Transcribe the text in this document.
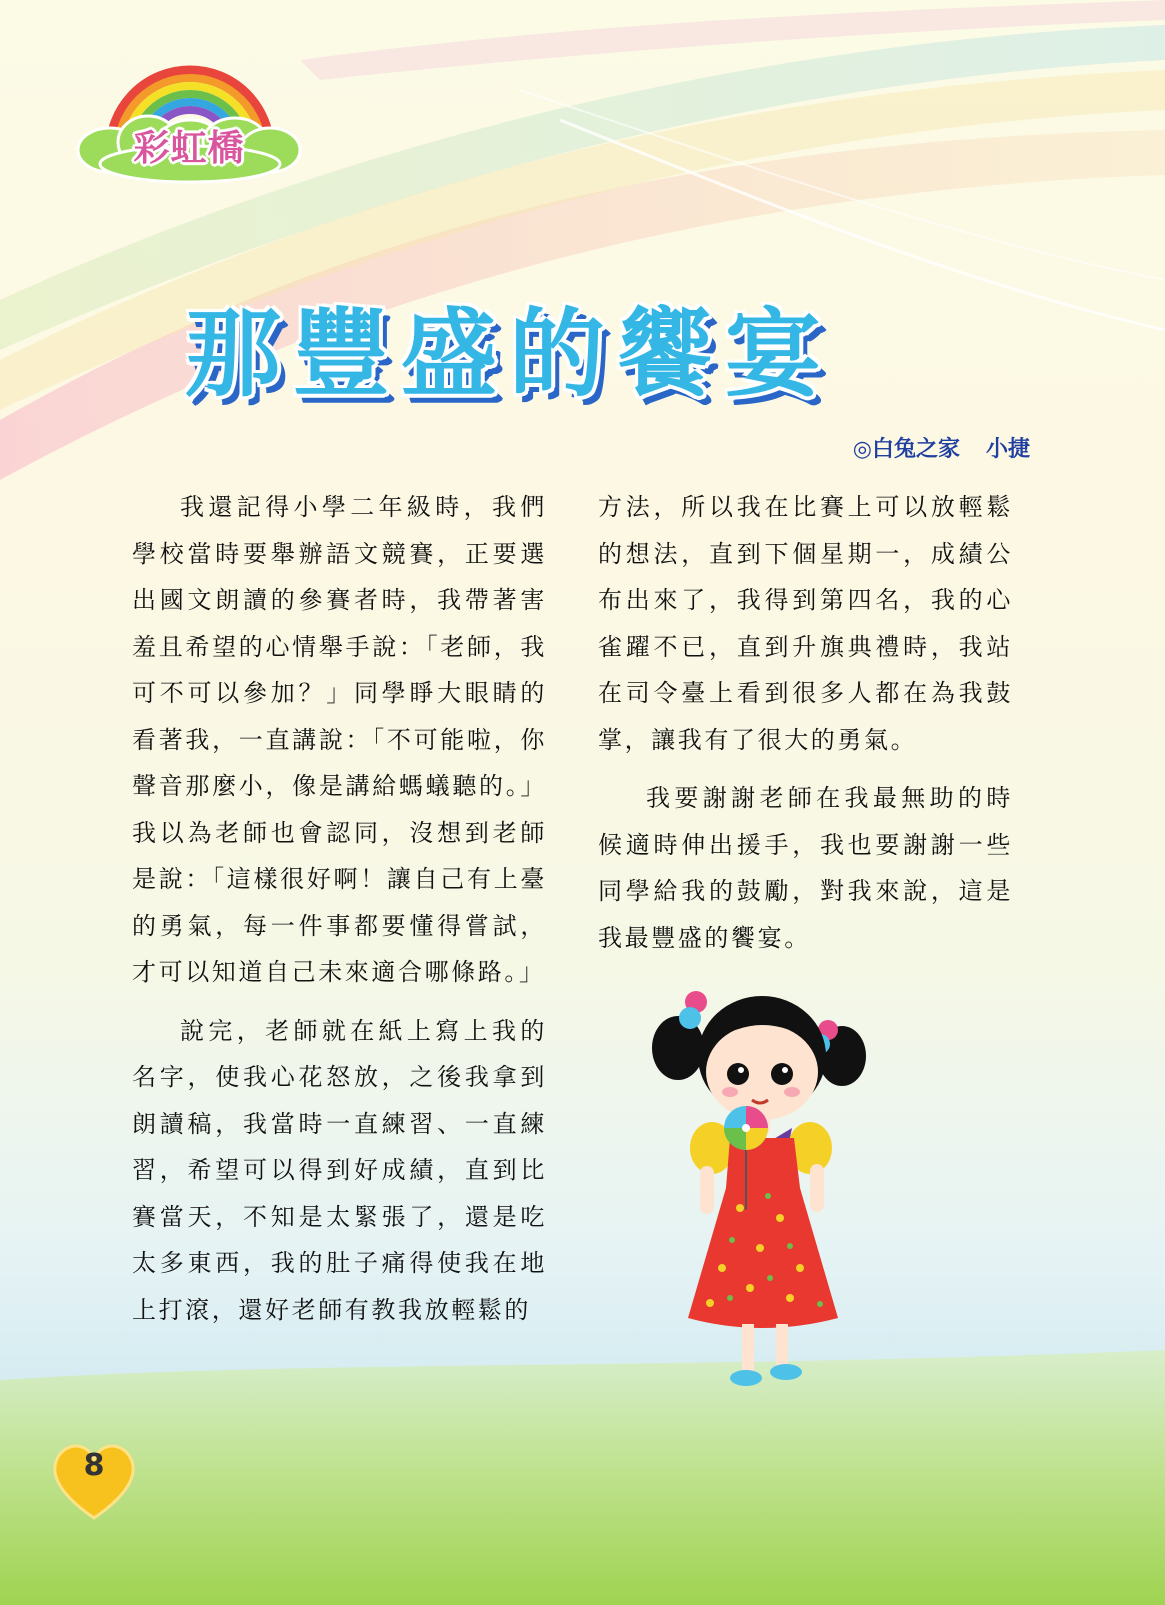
彩虹橋
那豐盛的饗宴
◎白兔之家 小捷

我還記得小學二年級時，我們學校當時要舉辦語文競賽，正要選出國文朗讀的參賽者時，我帶著害羞且希望的心情舉手說：「老師，我可不可以參加？」同學睜大眼睛的看著我，一直講說：「不可能啦，你聲音那麼小，像是講給螞蟻聽的。」我以為老師也會認同，沒想到老師是說：「這樣很好啊！讓自己有上臺的勇氣，每一件事都要懂得嘗試，才可以知道自己未來適合哪條路。」

說完，老師就在紙上寫上我的名字，使我心花怒放，之後我拿到朗讀稿，我當時一直練習、一直練習，希望可以得到好成績，直到比賽當天，不知是太緊張了，還是吃太多東西，我的肚子痛得使我在地上打滾，還好老師有教我放輕鬆的

方法，所以我在比賽上可以放輕鬆的想法，直到下個星期一，成績公布出來了，我得到第四名，我的心雀躍不已，直到升旗典禮時，我站在司令臺上看到很多人都在為我鼓掌，讓我有了很大的勇氣。

我要謝謝老師在我最無助的時候適時伸出援手，我也要謝謝一些同學給我的鼓勵，對我來說，這是我最豐盛的饗宴。

8
